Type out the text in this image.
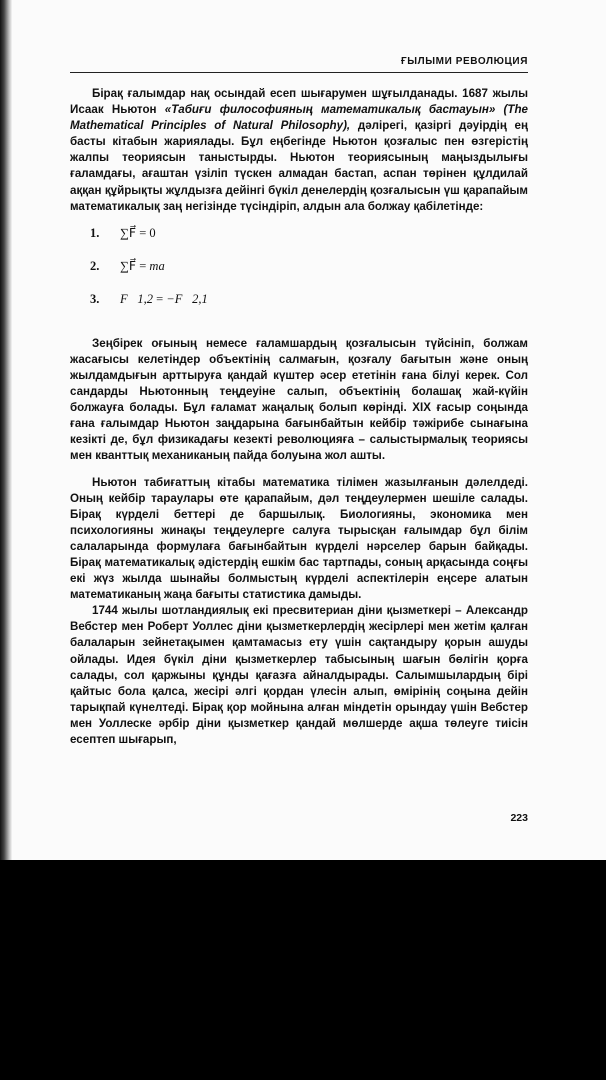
ҒЫЛЫМИ РЕВОЛЮЦИЯ

Бірақ ғалымдар нақ осындай есеп шығарумен шұғылданады. 1687 жылы Исаак Ньютон «Табиғи философияның математикалық бастауын» (The Mathematical Principles of Natural Philosophy), дәлірегі, қазіргі дәуірдің ең басты кітабын жариялады. Бұл еңбегінде Ньютон қозғалыс пен өзгерістің жалпы теориясын таныстырды. Ньютон теориясының маңыздылығы ғаламдағы, ағаштан үзіліп түскен алмадан бастап, аспан төрінен құлдилай аққан құйрықты жұлдызға дейінгі бүкіл денелердің қозғалысын үш қарапайым математикалық заң негізінде түсіндіріп, алдын ала болжау қабілетінде:

1.	∑F⃗ = 0
2.	∑F⃗ = ma⃗
3.	F⃗1,2 = −F⃗2,1

Зеңбірек оғының немесе ғаламшардың қозғалысын түйсініп, болжам жасағысы келетіндер объектінің салмағын, қозғалу бағытын және оның жылдамдығын арттыруға қандай күштер әсер ететінін ғана білуі керек. Сол сандарды Ньютонның теңдеуіне салып, объектінің болашақ жай-күйін болжауға болады. Бұл ғаламат жаңалық болып көрінді. XIX ғасыр соңында ғана ғалымдар Ньютон заңдарына бағынбайтын кейбір тәжірибе сынағына кезікті де, бұл физикадағы кезекті революцияға – салыстырмалық теориясы мен кванттық механиканың пайда болуына жол ашты.

Ньютон табиғаттың кітабы математика тілімен жазылғанын дәлелдеді. Оның кейбір тараулары өте қарапайым, дәл теңдеулермен шешіле салады. Бірақ күрделі беттері де баршылық. Биологияны, экономика мен психологияны жинақы теңдеулерге салуға тырысқан ғалымдар бұл білім салаларында формулаға бағынбайтын күрделі нәрселер барын байқады. Бірақ математикалық әдістердің ешкім бас тартпады, соның арқасында соңғы екі жүз жылда шынайы болмыстың күрделі аспектілерін еңсере алатын математиканың жаңа бағыты статистика дамыды.

1744 жылы шотландиялық екі пресвитериан діни қызметкері – Александр Вебстер мен Роберт Уоллес діни қызметкерлердің жесірлері мен жетім қалған балаларын зейнетақымен қамтамасыз ету үшін сақтандыру қорын ашуды ойлады. Идея бүкіл діни қызметкерлер табысының шағын бөлігін қорға салады, сол қаржыны құнды қағазға айналдырады. Салымшылардың бірі қайтыс бола қалса, жесірі әлгі қордан үлесін алып, өмірінің соңына дейін тарықпай күнелтеді. Бірақ қор мойнына алған міндетін орындау үшін Вебстер мен Уоллеске әрбір діни қызметкер қандай мөлшерде ақша төлеуге тиісін есептеп шығарып,

223
